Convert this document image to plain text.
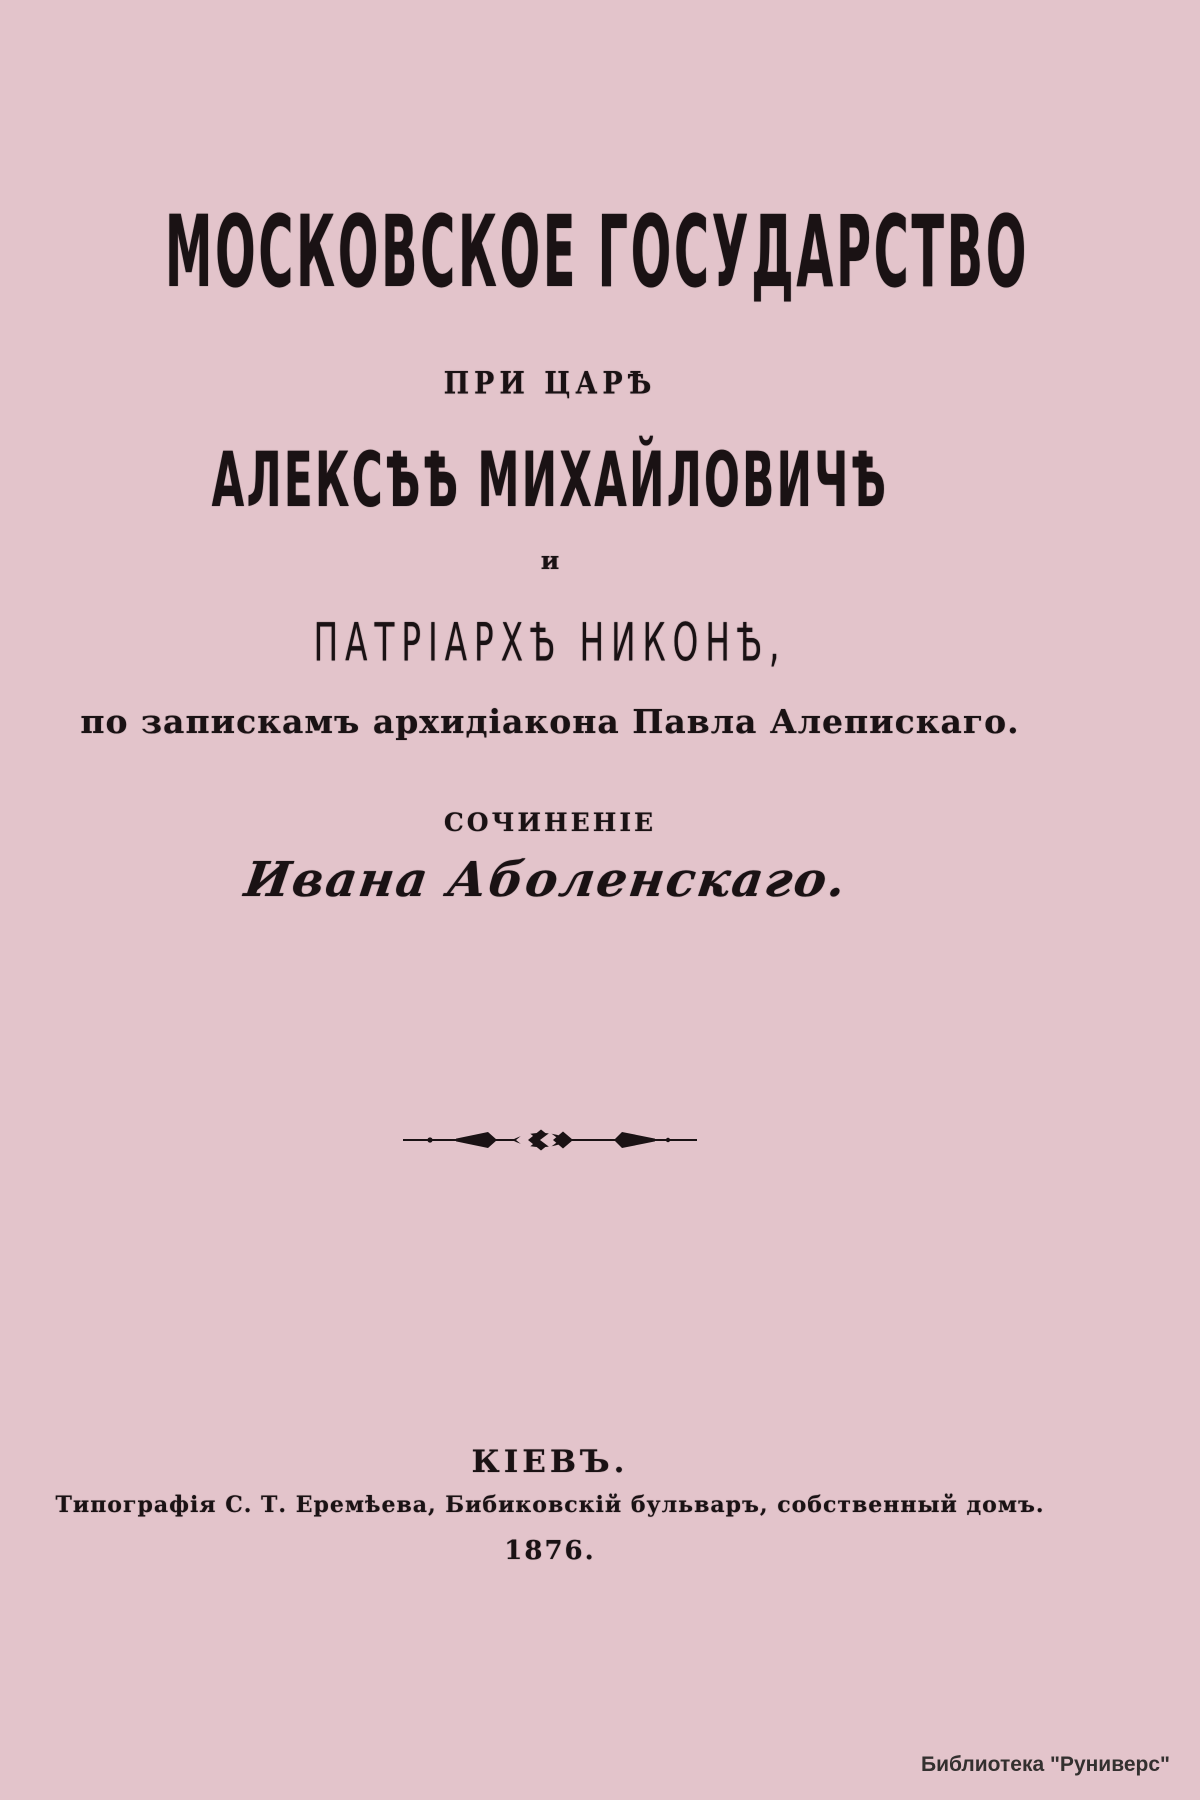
МОСКОВСКОЕ ГОСУДАРСТВО
ПРИ ЦАРѢ
АЛЕКСѢѢ МИХАЙЛОВИЧѢ
и
ПАТРІАРХѢ НИКОНѢ,
по запискамъ архидіакона Павла Алепискаго.
СОЧИНЕНІЕ
Ивана Аболенскаго.
КІЕВЪ.
Типографія С. Т. Еремѣева, Бибиковскій бульваръ, собственный домъ.
1876.
Библиотека "Руниверс"
